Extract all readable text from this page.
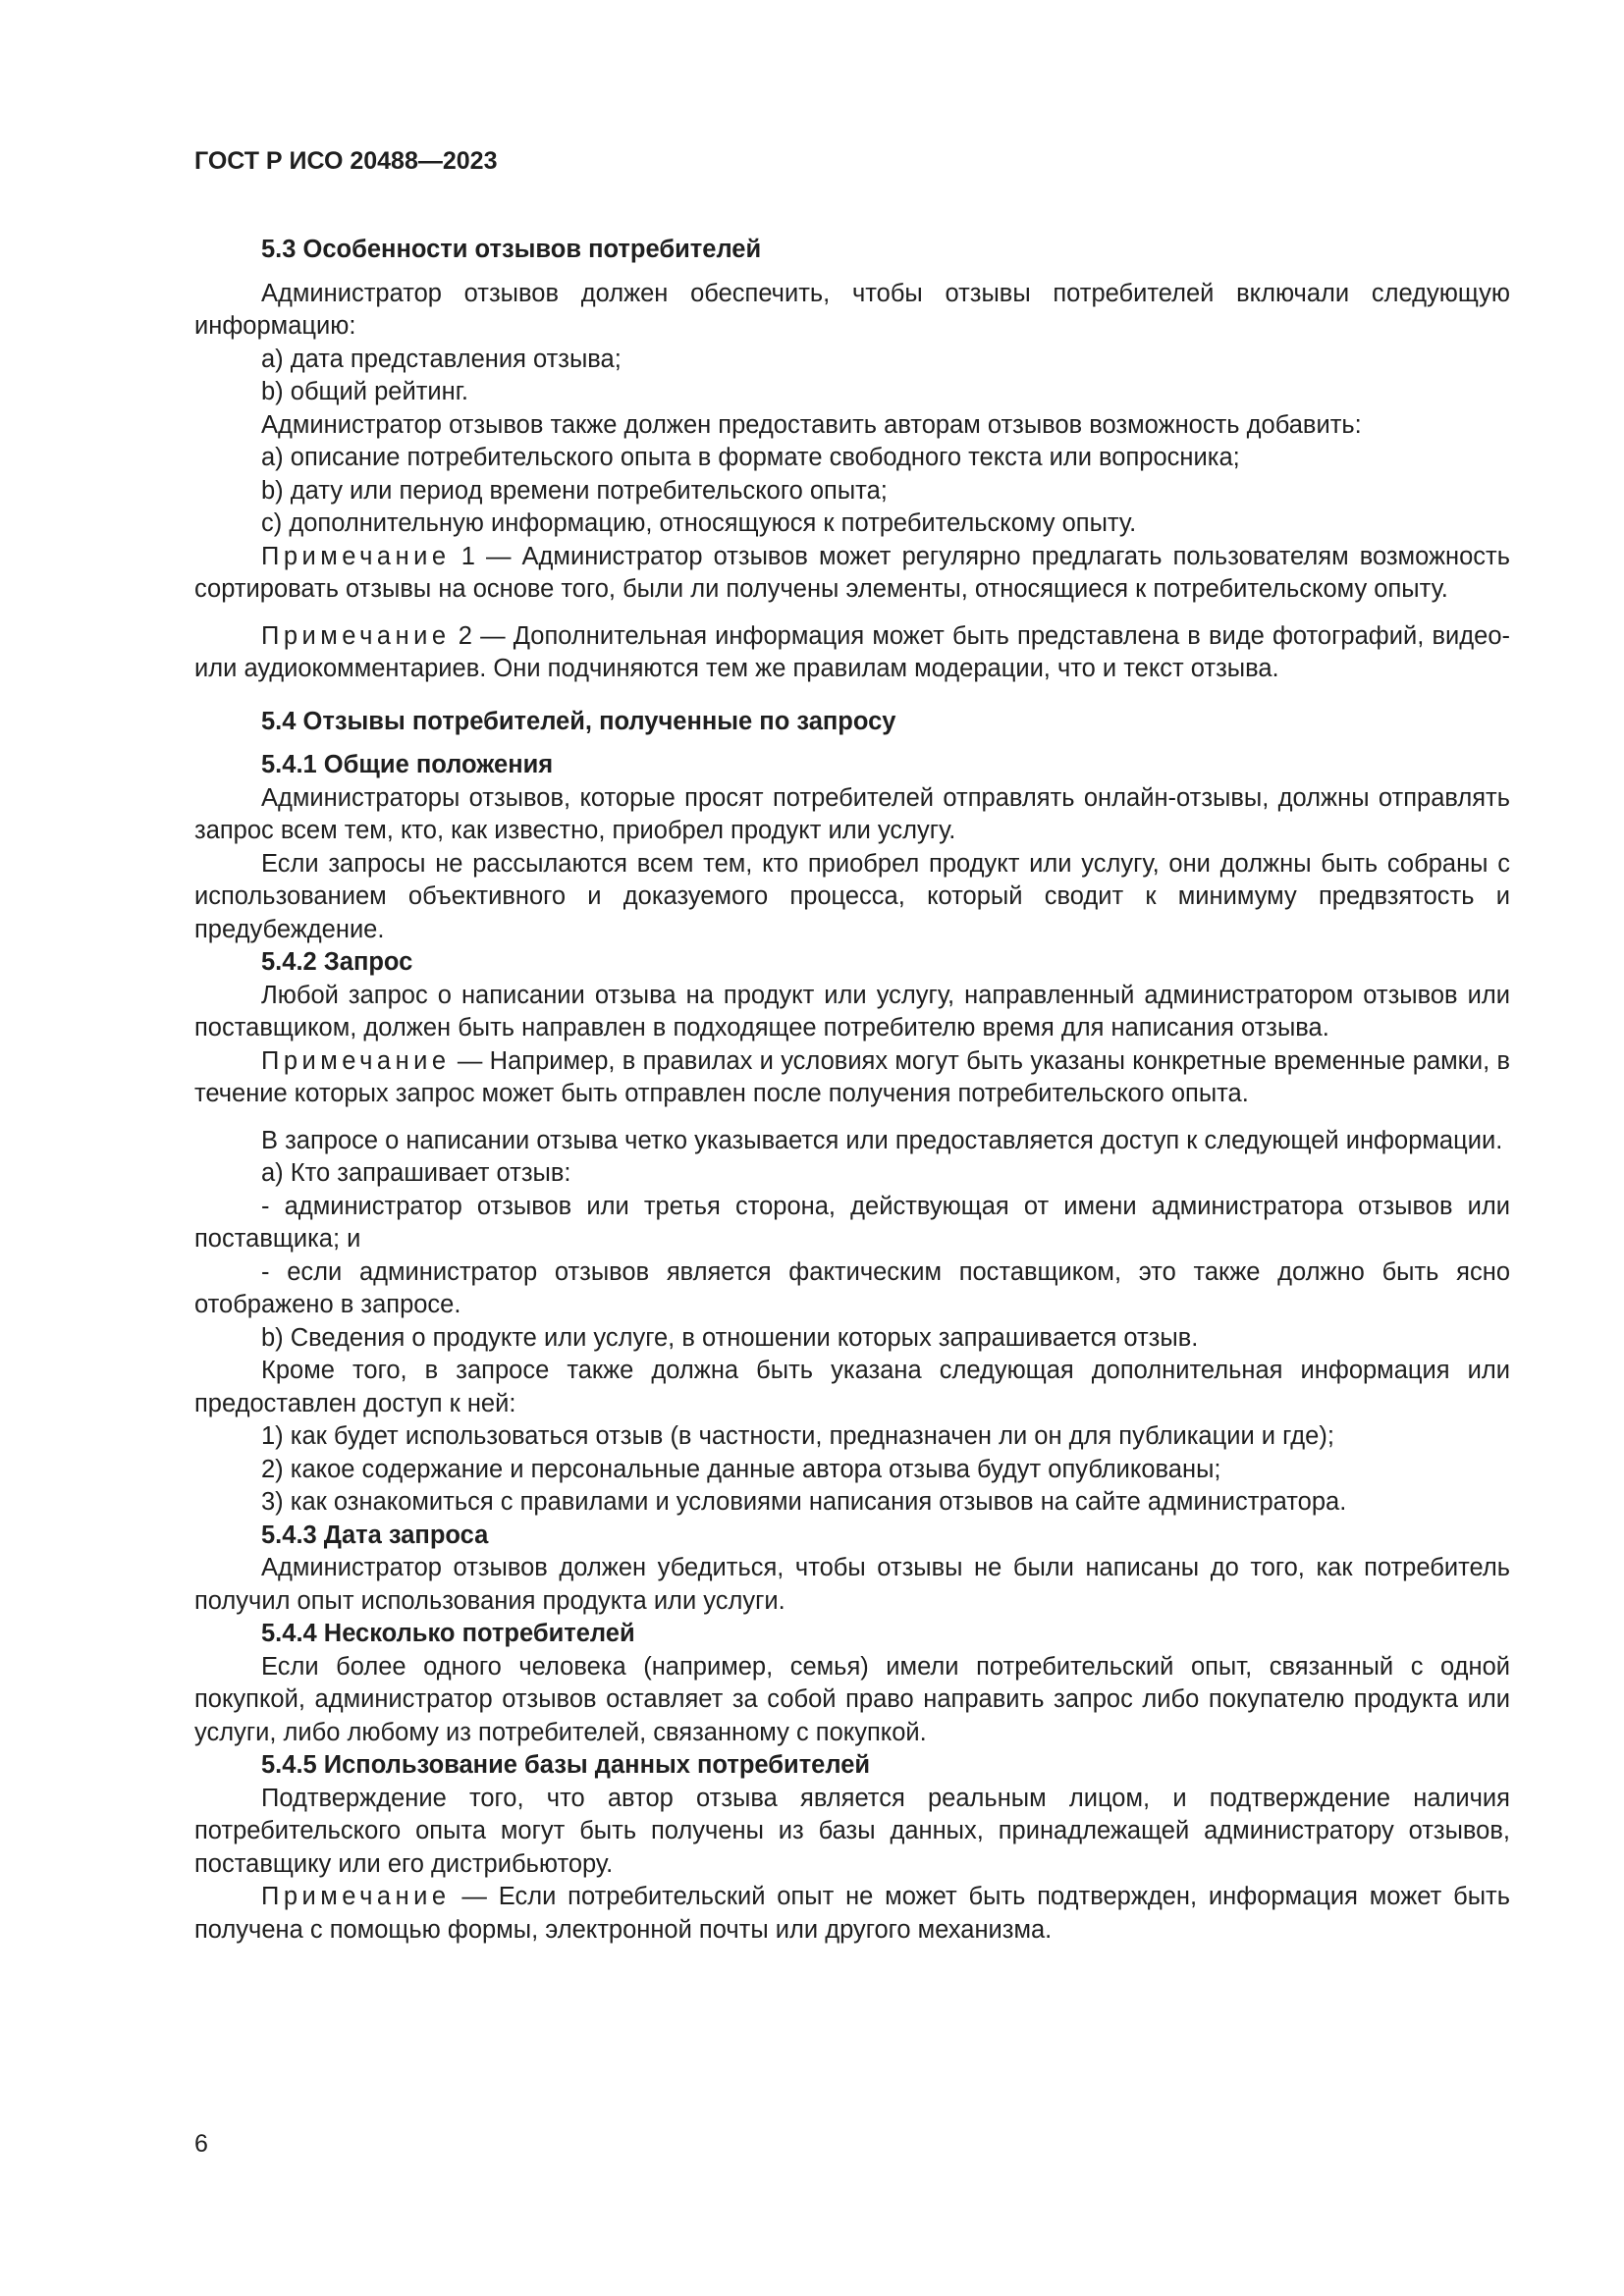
ГОСТ Р ИСО 20488—2023
5.3 Особенности отзывов потребителей

Администратор отзывов должен обеспечить, чтобы отзывы потребителей включали следующую информацию:

а) дата представления отзыва;

b) общий рейтинг.

Администратор отзывов также должен предоставить авторам отзывов возможность добавить:

а) описание потребительского опыта в формате свободного текста или вопросника;

b) дату или период времени потребительского опыта;

с) дополнительную информацию, относящуюся к потребительскому опыту.

Примечание 1 — Администратор отзывов может регулярно предлагать пользователям возможность сортировать отзывы на основе того, были ли получены элементы, относящиеся к потребительскому опыту.

Примечание 2 — Дополнительная информация может быть представлена в виде фотографий, видео- или аудиокомментариев. Они подчиняются тем же правилам модерации, что и текст отзыва.

5.4 Отзывы потребителей, полученные по запросу
5.4.1 Общие положения

Администраторы отзывов, которые просят потребителей отправлять онлайн-отзывы, должны отправлять запрос всем тем, кто, как известно, приобрел продукт или услугу.

Если запросы не рассылаются всем тем, кто приобрел продукт или услугу, они должны быть собраны с использованием объективного и доказуемого процесса, который сводит к минимуму предвзятость и предубеждение.

5.4.2 Запрос

Любой запрос о написании отзыва на продукт или услугу, направленный администратором отзывов или поставщиком, должен быть направлен в подходящее потребителю время для написания отзыва.

Примечание — Например, в правилах и условиях могут быть указаны конкретные временные рамки, в течение которых запрос может быть отправлен после получения потребительского опыта.

В запросе о написании отзыва четко указывается или предоставляется доступ к следующей информации.

а) Кто запрашивает отзыв:

- администратор отзывов или третья сторона, действующая от имени администратора отзывов или поставщика; и

- если администратор отзывов является фактическим поставщиком, это также должно быть ясно отображено в запросе.

b) Сведения о продукте или услуге, в отношении которых запрашивается отзыв.

Кроме того, в запросе также должна быть указана следующая дополнительная информация или предоставлен доступ к ней:

1) как будет использоваться отзыв (в частности, предназначен ли он для публикации и где);

2) какое содержание и персональные данные автора отзыва будут опубликованы;

3) как ознакомиться с правилами и условиями написания отзывов на сайте администратора.

5.4.3 Дата запроса

Администратор отзывов должен убедиться, чтобы отзывы не были написаны до того, как потребитель получил опыт использования продукта или услуги.

5.4.4 Несколько потребителей

Если более одного человека (например, семья) имели потребительский опыт, связанный с одной покупкой, администратор отзывов оставляет за собой право направить запрос либо покупателю продукта или услуги, либо любому из потребителей, связанному с покупкой.

5.4.5 Использование базы данных потребителей

Подтверждение того, что автор отзыва является реальным лицом, и подтверждение наличия потребительского опыта могут быть получены из базы данных, принадлежащей администратору отзывов, поставщику или его дистрибьютору.

Примечание — Если потребительский опыт не может быть подтвержден, информация может быть получена с помощью формы, электронной почты или другого механизма.

6
